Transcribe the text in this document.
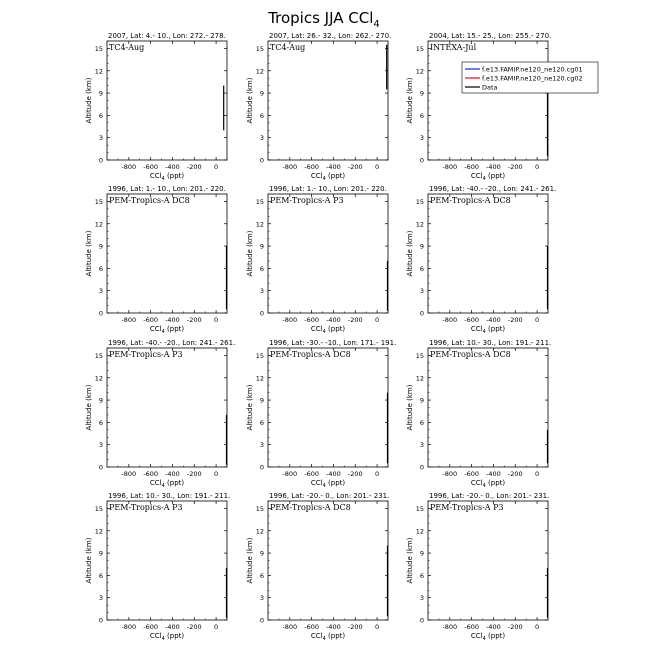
Tropics JJA CCl$_4$
2007, Lat: 4.- 10., Lon: 272.- 278.
TC4-Aug
-800 -600 -400 -200 0
0
3
6
9
12
15
CCl$_4$ (ppt)
Altitude (km)
2007, Lat: 26.- 32., Lon: 262.- 270.
TC4-Aug
-800 -600 -400 -200 0
0
3
6
9
12
15
CCl$_4$ (ppt)
Altitude (km)
2004, Lat: 15.- 25., Lon: 255.- 270.
INTEXA-Jul
-800 -600 -400 -200 0
0
3
6
9
12
15
CCl$_4$ (ppt)
Altitude (km)
f.e13.FAMIP.ne120_ne120.cg01
f.e13.FAMIP.ne120_ne120.cg02
Data
1996, Lat: 1.- 10., Lon: 201.- 220.
PEM-Tropics-A DC8
-800 -600 -400 -200 0
0
3
6
9
12
15
CCl$_4$ (ppt)
Altitude (km)
1996, Lat: 1.- 10., Lon: 201.- 220.
PEM-Tropics-A P3
-800 -600 -400 -200 0
0
3
6
9
12
15
CCl$_4$ (ppt)
Altitude (km)
1996, Lat: -40.- -20., Lon: 241.- 261.
PEM-Tropics-A DC8
-800 -600 -400 -200 0
0
3
6
9
12
15
CCl$_4$ (ppt)
Altitude (km)
1996, Lat: -40.- -20., Lon: 241.- 261.
PEM-Tropics-A P3
-800 -600 -400 -200 0
0
3
6
9
12
15
CCl$_4$ (ppt)
Altitude (km)
1996, Lat: -30.- -10., Lon: 171.- 191.
PEM-Tropics-A DC8
-800 -600 -400 -200 0
0
3
6
9
12
15
CCl$_4$ (ppt)
Altitude (km)
1996, Lat: 10.- 30., Lon: 191.- 211.
PEM-Tropics-A DC8
-800 -600 -400 -200 0
0
3
6
9
12
15
CCl$_4$ (ppt)
Altitude (km)
1996, Lat: 10.- 30., Lon: 191.- 211.
PEM-Tropics-A P3
-800 -600 -400 -200 0
0
3
6
9
12
15
CCl$_4$ (ppt)
Altitude (km)
1996, Lat: -20.- 0., Lon: 201.- 231.
PEM-Tropics-A DC8
-800 -600 -400 -200 0
0
3
6
9
12
15
CCl$_4$ (ppt)
Altitude (km)
1996, Lat: -20.- 0., Lon: 201.- 231.
PEM-Tropics-A P3
-800 -600 -400 -200 0
0
3
6
9
12
15
CCl$_4$ (ppt)
Altitude (km)
